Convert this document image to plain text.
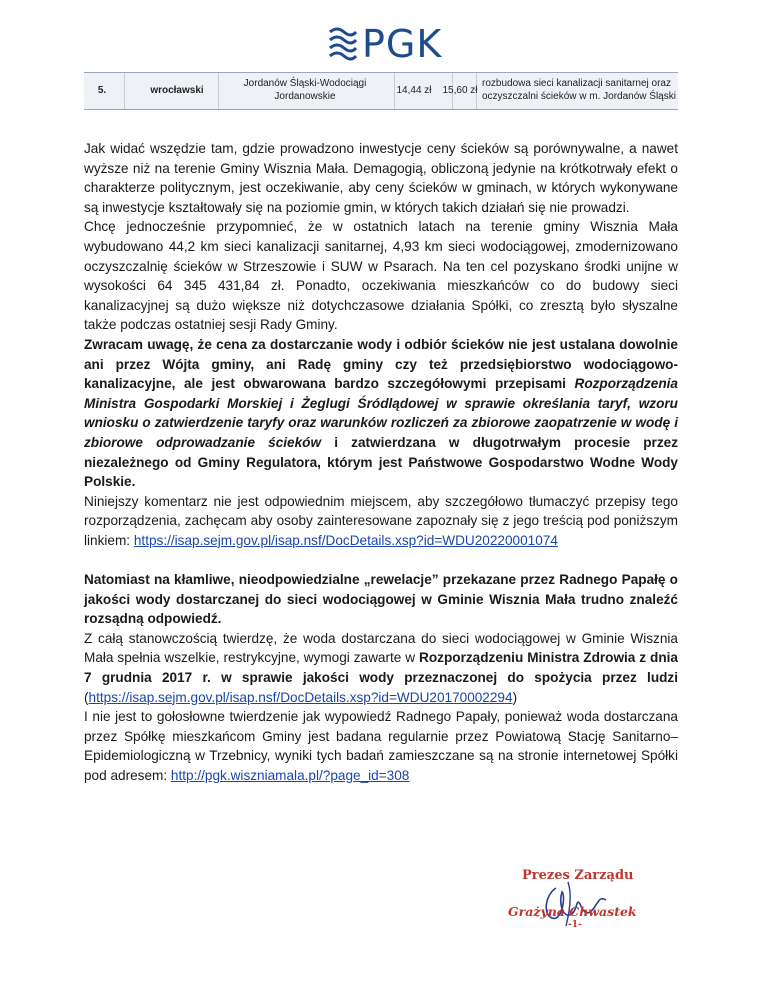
PGK
5.	wrocławski
Jordanów Śląski-Wodociągi Jordanowskie
14,44 zł	15,60 zł
rozbudowa sieci kanalizacji sanitarnej oraz oczyszczalni ścieków w m. Jordanów Śląski

Jak widać wszędzie tam, gdzie prowadzono inwestycje ceny ścieków są porównywalne, a nawet wyższe niż na terenie Gminy Wisznia Mała. Demagogią, obliczoną jedynie na krótkotrwały efekt o charakterze politycznym, jest oczekiwanie, aby ceny ścieków w gminach, w których wykonywane są inwestycje kształtowały się na poziomie gmin, w których takich działań się nie prowadzi.

Chcę jednocześnie przypomnieć, że w ostatnich latach na terenie gminy Wisznia Mała wybudowano 44,2 km sieci kanalizacji sanitarnej, 4,93 km sieci wodociągowej, zmodernizowano oczyszczalnię ścieków w Strzeszowie i SUW w Psarach. Na ten cel pozyskano środki unijne w wysokości 64 345 431,84 zł. Ponadto, oczekiwania mieszkańców co do budowy sieci kanalizacyjnej są dużo większe niż dotychczasowe działania Spółki, co zresztą było słyszalne także podczas ostatniej sesji Rady Gminy.

Zwracam uwagę, że cena za dostarczanie wody i odbiór ścieków nie jest ustalana dowolnie ani przez Wójta gminy, ani Radę gminy czy też przedsiębiorstwo wodociągowo-kanalizacyjne, ale jest obwarowana bardzo szczegółowymi przepisami Rozporządzenia Ministra Gospodarki Morskiej i Żeglugi Śródlądowej w sprawie określania taryf, wzoru wniosku o zatwierdzenie taryfy oraz warunków rozliczeń za zbiorowe zaopatrzenie w wodę i zbiorowe odprowadzanie ścieków i zatwierdzana w długotrwałym procesie przez niezależnego od Gminy Regulatora, którym jest Państwowe Gospodarstwo Wodne Wody Polskie.

Niniejszy komentarz nie jest odpowiednim miejscem, aby szczegółowo tłumaczyć przepisy tego rozporządzenia, zachęcam aby osoby zainteresowane zapoznały się z jego treścią pod poniższym linkiem: https://isap.sejm.gov.pl/isap.nsf/DocDetails.xsp?id=WDU20220001074

Natomiast na kłamliwe, nieodpowiedzialne „rewelacje” przekazane przez Radnego Papałę o jakości wody dostarczanej do sieci wodociągowej w Gminie Wisznia Mała trudno znaleźć rozsądną odpowiedź.

Z całą stanowczością twierdzę, że woda dostarczana do sieci wodociągowej w Gminie Wisznia Mała spełnia wszelkie, restrykcyjne, wymogi zawarte w Rozporządzeniu Ministra Zdrowia z dnia 7 grudnia 2017 r. w sprawie jakości wody przeznaczonej do spożycia przez ludzi (https://isap.sejm.gov.pl/isap.nsf/DocDetails.xsp?id=WDU20170002294)

I nie jest to gołosłowne twierdzenie jak wypowiedź Radnego Papały, ponieważ woda dostarczana przez Spółkę mieszkańcom Gminy jest badana regularnie przez Powiatową Stację Sanitarno–Epidemiologiczną w Trzebnicy, wyniki tych badań zamieszczane są na stronie internetowej Spółki pod adresem: http://pgk.wiszniamala.pl/?page_id=308

Prezes Zarządu
Grażyna Chwastek
-1-
